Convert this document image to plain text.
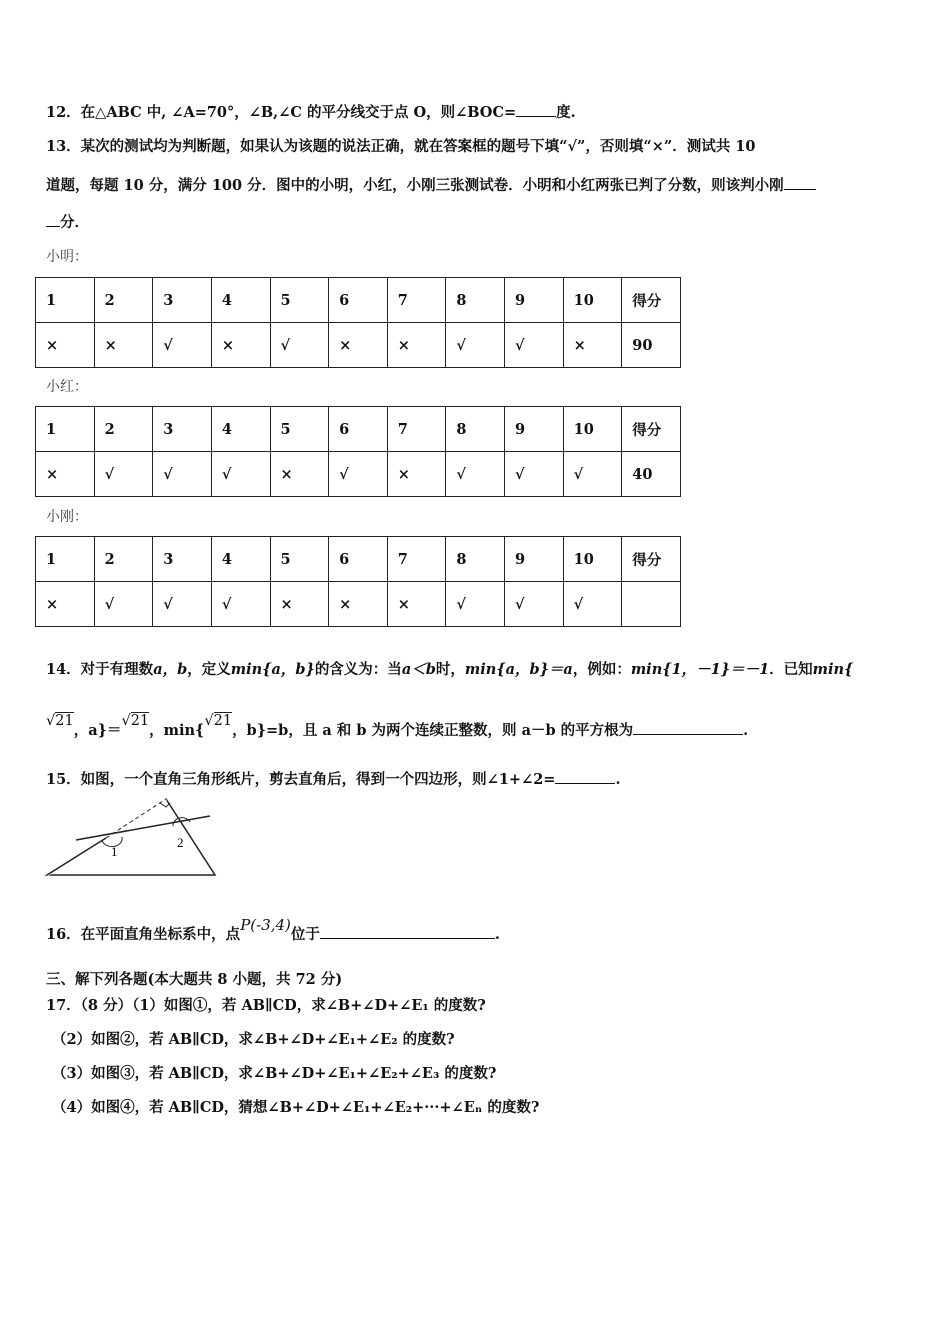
12．在△ABC 中, ∠A=70°，∠B,∠C 的平分线交于点 O，则∠BOC=	度.
13．某次的测试均为判断题，如果认为该题的说法正确，就在答案框的题号下填“√”，否则填“×”．测试共 10
道题，每题 10 分，满分 100 分．图中的小明，小红，小刚三张测试卷．小明和小红两张已判了分数，则该判小刚
分．
小明：
1	2	3	4	5	6	7	8	9	10	得分
×	×	√	×	√	×	×	√	√	×	90
小红：
1	2	3	4	5	6	7	8	9	10	得分
×	√	√	√	×	√	×	√	√	√	40
小刚：
1	2	3	4	5	6	7	8	9	10	得分
×	√	√	√	×	×	×	√	√	√	
14．对于有理数a，b，定义min{a，b}的含义为：当a＜b时，min{a，b}＝a，例如：min{1，－1}＝－1．已知min{
√21，a}＝√21，min{√21，b}=b，且 a 和 b 为两个连续正整数，则 a－b 的平方根为	.
15．如图，一个直角三角形纸片，剪去直角后，得到一个四边形，则∠1+∠2=	.
1
2
16．在平面直角坐标系中，点P(-3,4)位于	.
三、解下列各题(本大题共 8 小题，共 72 分)
17．（8 分）（1）如图①，若 AB∥CD，求∠B+∠D+∠E₁ 的度数?
（2）如图②，若 AB∥CD，求∠B+∠D+∠E₁+∠E₂ 的度数?
（3）如图③，若 AB∥CD，求∠B+∠D+∠E₁+∠E₂+∠E₃ 的度数?
（4）如图④，若 AB∥CD，猜想∠B+∠D+∠E₁+∠E₂+···+∠Eₙ 的度数?
